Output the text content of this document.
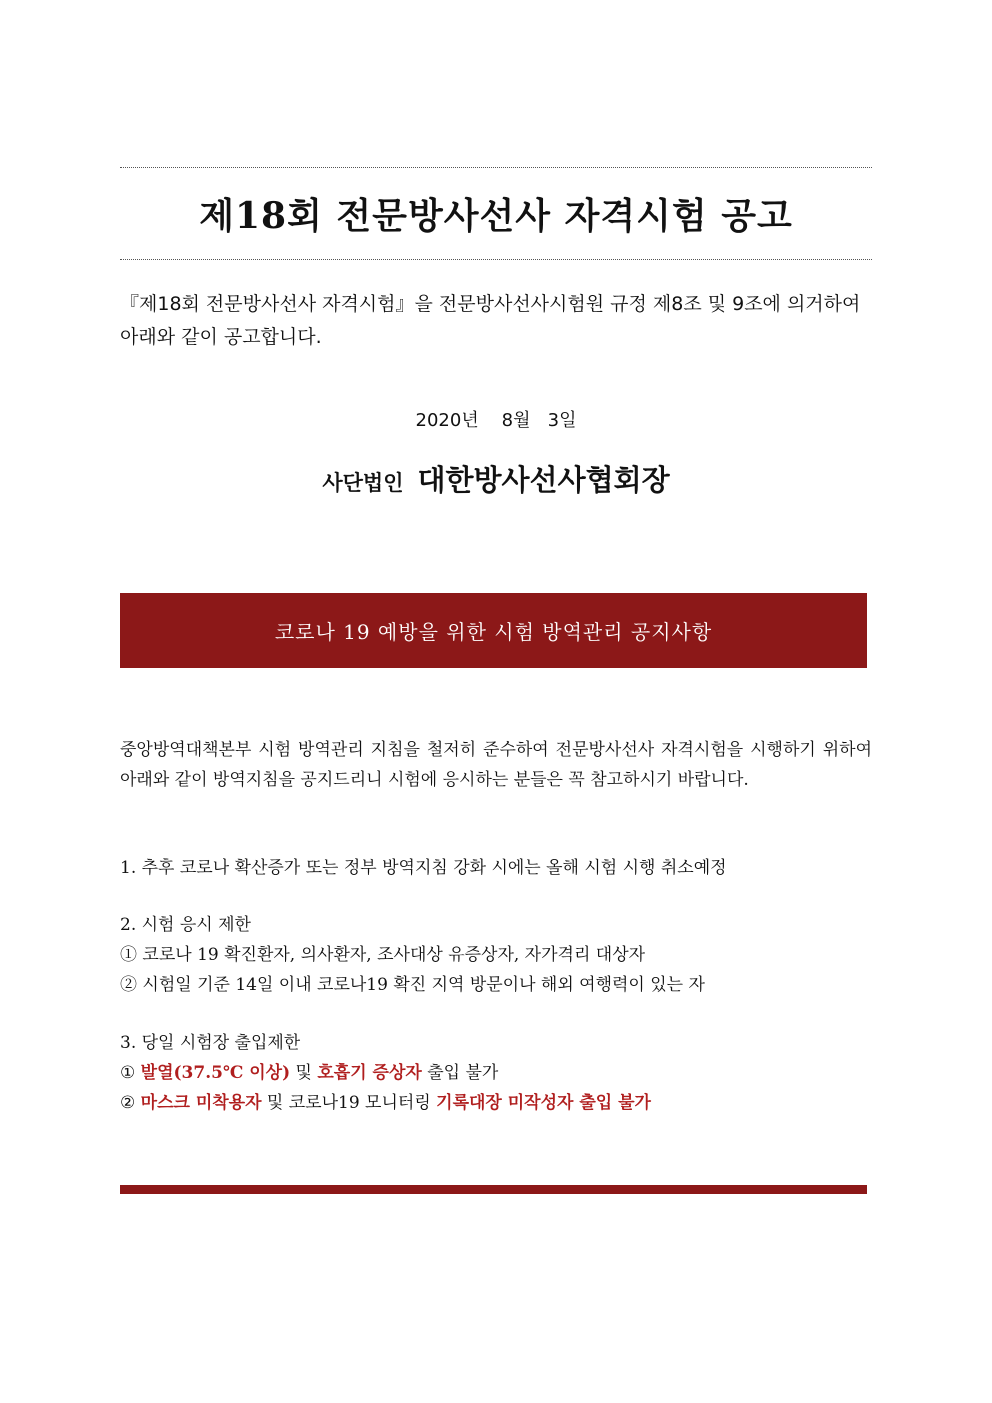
제18회 전문방사선사 자격시험 공고
『제18회 전문방사선사 자격시험』을 전문방사선사시험원 규정 제8조 및 9조에 의거하여 아래와 같이 공고합니다.
2020년    8월   3일
사단법인 대한방사선사협회장
코로나 19 예방을 위한 시험 방역관리 공지사항
중앙방역대책본부 시험 방역관리 지침을 철저히 준수하여 전문방사선사 자격시험을 시행하기 위하여 아래와 같이 방역지침을 공지드리니 시험에 응시하는 분들은 꼭 참고하시기 바랍니다.
1. 추후 코로나 확산증가 또는 정부 방역지침 강화 시에는 올해 시험 시행 취소예정
2. 시험 응시 제한
① 코로나 19 확진환자, 의사환자, 조사대상 유증상자, 자가격리 대상자
② 시험일 기준 14일 이내 코로나19 확진 지역 방문이나 해외 여행력이 있는 자
3. 당일 시험장 출입제한
① 발열(37.5℃ 이상) 및 호흡기 증상자 출입 불가
② 마스크 미착용자 및 코로나19 모니터링 기록대장 미작성자 출입 불가
